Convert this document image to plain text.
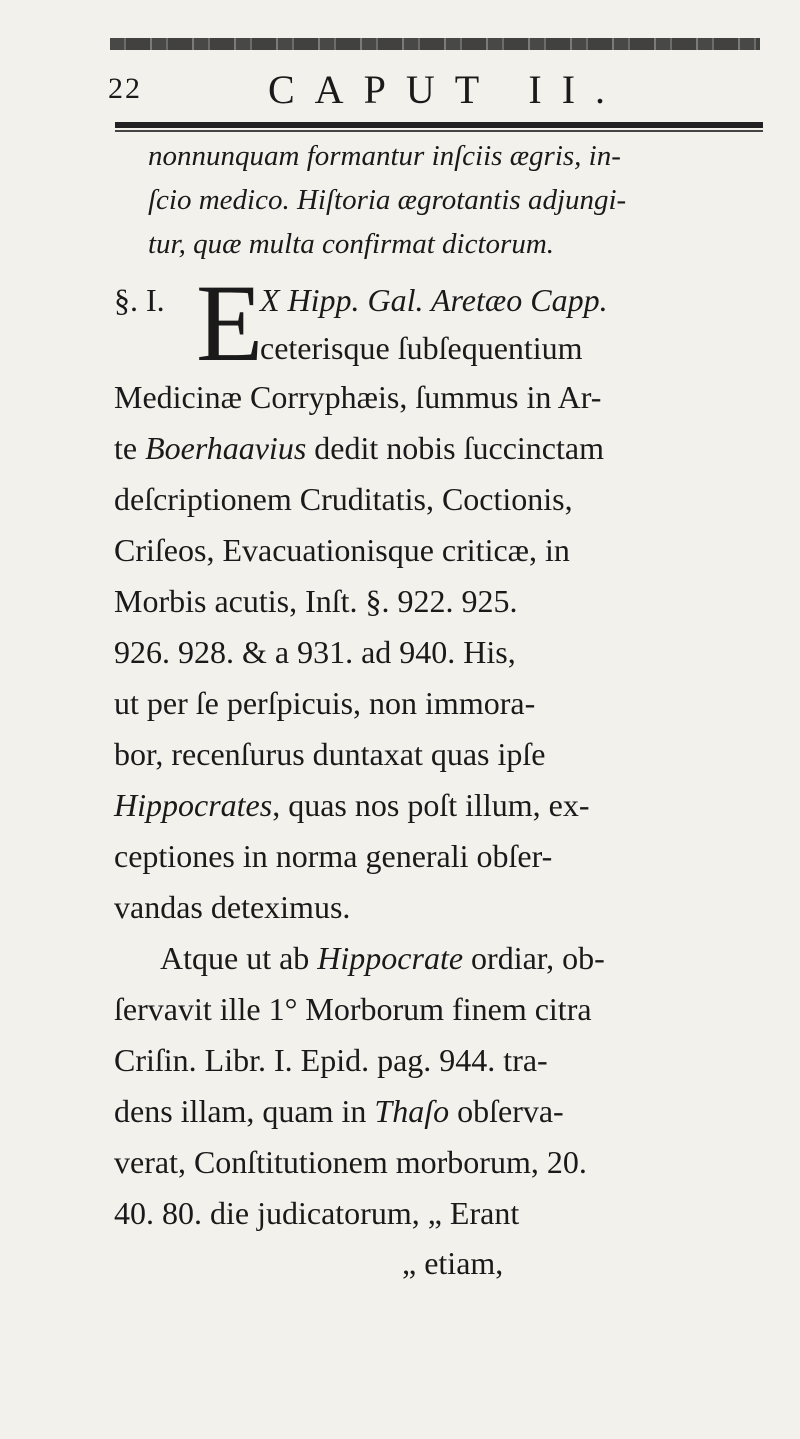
22	CAPUT II.
nonnunquam formantur inſciis ægris, in-
ſcio medico. Hiſtoria ægrotantis adjungi-
tur, quæ multa confirmat dictorum.
§. I. E
X Hipp. Gal. Aretæo Capp.
ceterisque ſubſequentium
Medicinæ Corryphæis, ſummus in Ar-
te Boerhaavius dedit nobis ſuccinctam
deſcriptionem Cruditatis, Coctionis,
Criſeos, Evacuationisque criticæ, in
Morbis acutis, Inſt. §. 922. 925.
926. 928. & a 931. ad 940. His,
ut per ſe perſpicuis, non immora-
bor, recenſurus duntaxat quas ipſe
Hippocrates, quas nos poſt illum, ex-
ceptiones in norma generali obſer-
vandas deteximus.
Atque ut ab Hippocrate ordiar, ob-
ſervavit ille 1° Morborum finem citra
Criſin. Libr. I. Epid. pag. 944. tra-
dens illam, quam in Thaſo obſerva-
verat, Conſtitutionem morborum, 20.
40. 80. die judicatorum, „ Erant
„ etiam,
